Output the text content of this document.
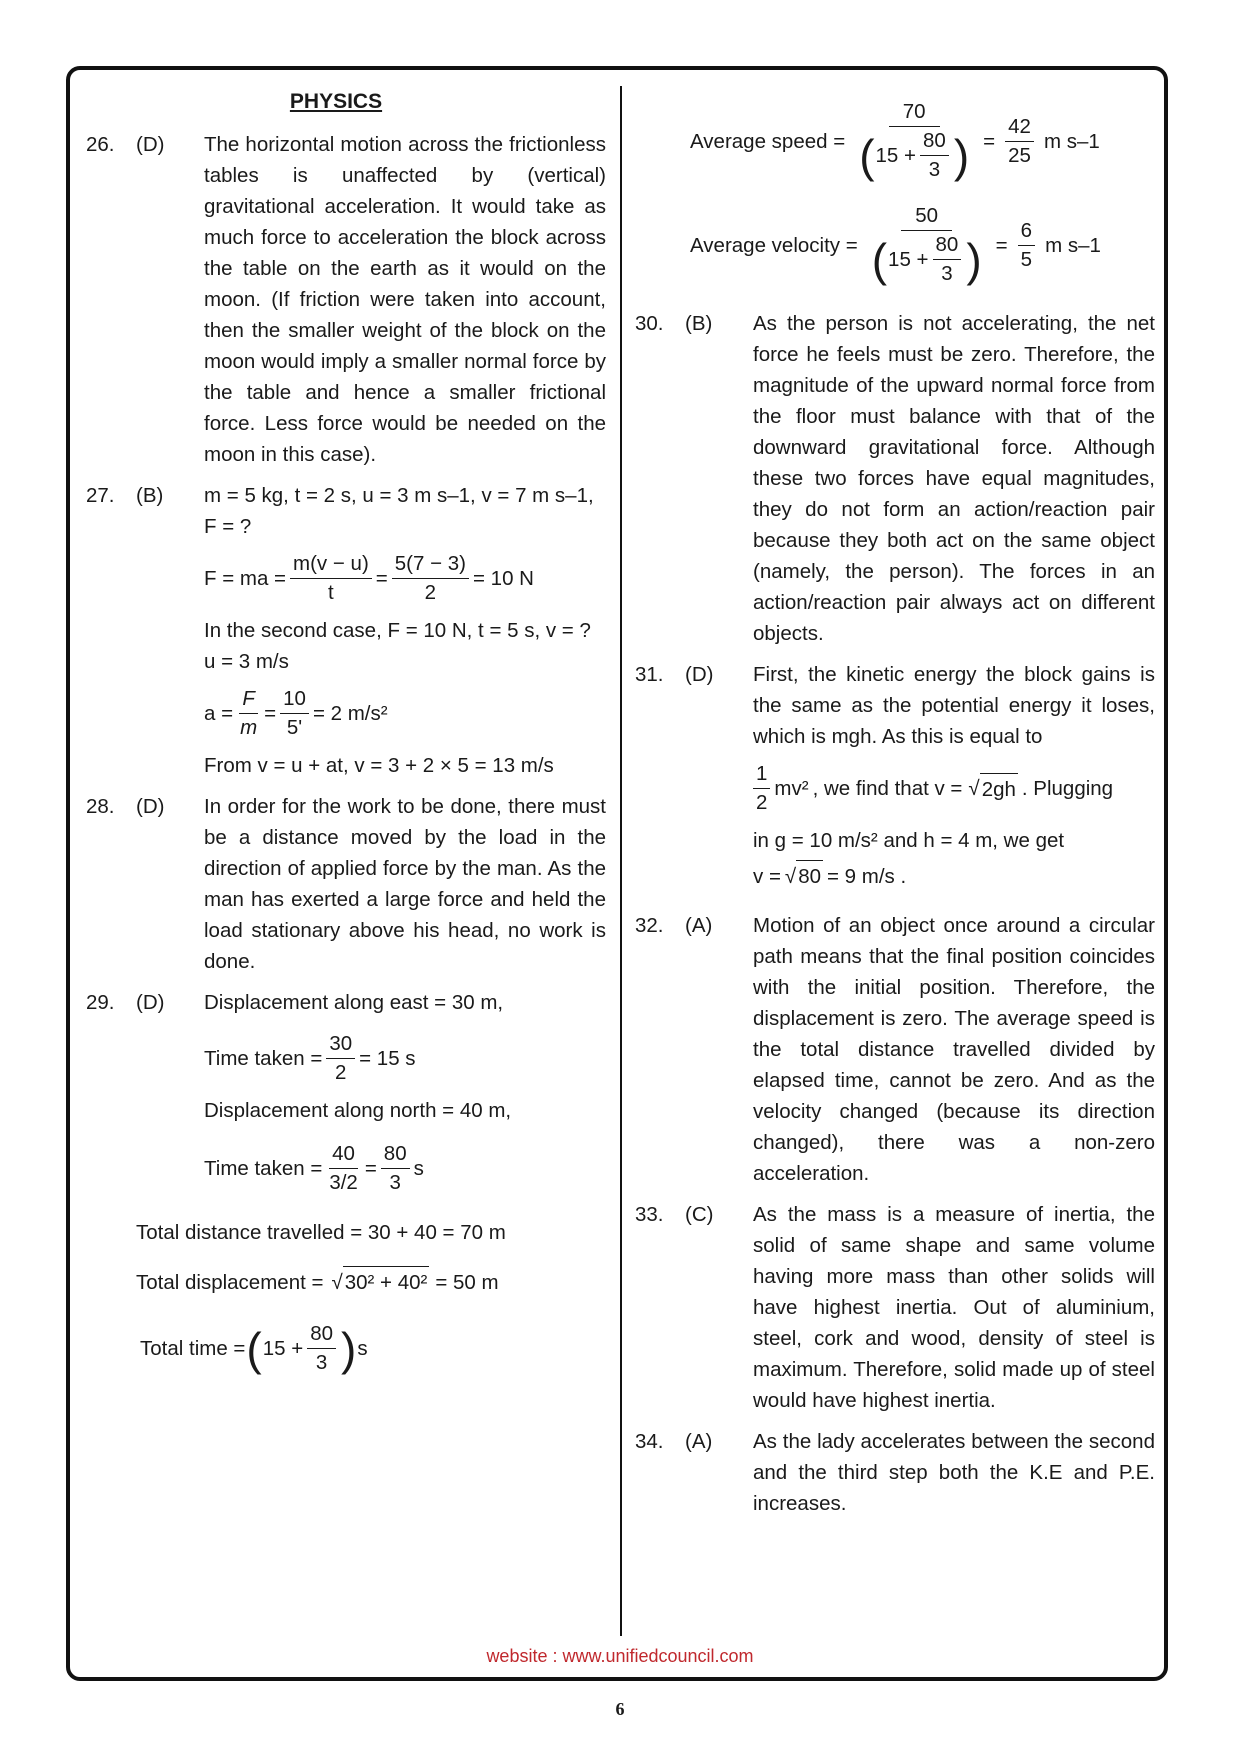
PHYSICS
26.	(D)	The horizontal motion across the frictionless tables is unaffected by (vertical) gravitational acceleration. It would take as much force to acceleration the block across the table on the earth as it would on the moon. (If friction were taken into account, then the smaller weight of the block on the moon would imply a smaller normal force by the table and hence a smaller frictional force. Less force would be needed on the moon in this case).
27.	(B)	m = 5 kg, t = 2 s, u = 3 m s–1, v = 7 m s–1, F = ?
F = ma = $\frac{m(v - u)}{t} = \frac{5(7 - 3)}{2} = 10$ N
In the second case, F = 10 N, t = 5 s, v = ?
u = 3 m/s
$a = \frac{F}{m} = \frac{10}{5'} = 2$ m/s²
From v = u + at, v = 3 + 2 × 5 = 13 m/s
28.	(D)	In order for the work to be done, there must be a distance moved by the load in the direction of applied force by the man. As the man has exerted a large force and held the load stationary above his head, no work is done.
29.	(D)	Displacement along east = 30 m,
Time taken = $\frac{30}{2} = 15$ s
Displacement along north = 40 m,
Time taken = $\frac{40}{3/2} = \frac{80}{3}$ s
Total distance travelled = 30 + 40 = 70 m
Total displacement = √ 30² + 40² = 50 m
Total time = ( $15 + \frac{80}{3}$ ) s
Average speed = $\frac{70}{( 15 + \frac{80}{3} )} = \frac{42}{25}$ m s–1
Average velocity = $\frac{50}{( 15 + \frac{80}{3} )} = \frac{6}{5}$ m s–1
30.	(B)	As the person is not accelerating, the net force he feels must be zero. Therefore, the magnitude of the upward normal force from the floor must balance with that of the downward gravitational force. Although these two forces have equal magnitudes, they do not form an action/reaction pair because they both act on the same object (namely, the person). The forces in an action/reaction pair always act on different objects.
31.	(D)	First, the kinetic energy the block gains is the same as the potential energy it loses, which is mgh. As this is equal to
$\frac{1}{2} mv^2$ , we find that v = √ 2gh . Plugging
in g = 10 m/s² and h = 4 m, we get
v = √ 80 = 9 m/s .
32.	(A)	Motion of an object once around a circular path means that the final position coincides with the initial position. Therefore, the displacement is zero. The average speed is the total distance travelled divided by elapsed time, cannot be zero. And as the velocity changed (because its direction changed), there was a non-zero acceleration.
33.	(C)	As the mass is a measure of inertia, the solid of same shape and same volume having more mass than other solids will have highest inertia. Out of aluminium, steel, cork and wood, density of steel is maximum. Therefore, solid made up of steel would have highest inertia.
34.	(A)	As the lady accelerates between the second and the third step both the K.E and P.E. increases.
website : www.unifiedcouncil.com
6
